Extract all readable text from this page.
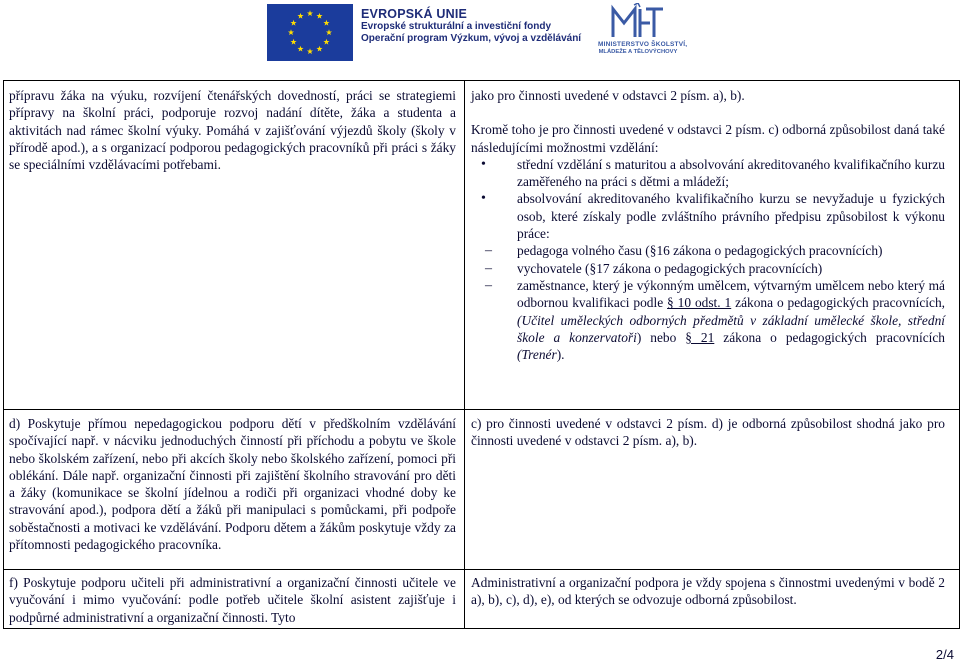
EVROPSKÁ UNIE
Evropské strukturální a investiční fondy
Operační program Výzkum, vývoj a vzdělávání
MINISTERSTVO ŠKOLSTVÍ,
MLÁDEŽE A TĚLOVÝCHOVY

přípravu žáka na výuku, rozvíjení čtenářských dovedností, práci se strategiemi přípravy na školní práci, podporuje rozvoj nadání dítěte, žáka a studenta a aktivitách nad rámec školní výuky. Pomáhá v zajišťování výjezdů školy (školy v přírodě apod.), a s organizací podporou pedagogických pracovníků při práci s žáky se speciálními vzdělávacími potřebami.

d) Poskytuje přímou nepedagogickou podporu dětí v předškolním vzdělávání spočívající např. v nácviku jednoduchých činností při příchodu a pobytu ve škole nebo školském zařízení, nebo při akcích školy nebo školského zařízení, pomoci při oblékání. Dále např. organizační činnosti při zajištění školního stravování pro děti a žáky (komunikace se školní jídelnou a rodiči při organizaci vhodné doby ke stravování apod.), podpora dětí a žáků při manipulaci s pomůckami, při podpoře soběstačnosti a motivaci ke vzdělávání. Podporu dětem a žákům poskytuje vždy za přítomnosti pedagogického pracovníka.

f) Poskytuje podporu učiteli při administrativní a organizační činnosti učitele ve vyučování i mimo vyučování: podle potřeb učitele školní asistent zajišťuje i podpůrné administrativní a organizační činnosti. Tyto

jako pro činnosti uvedené v odstavci 2 písm. a), b).

Kromě toho je pro činnosti uvedené v odstavci 2 písm. c) odborná způsobilost daná také následujícími možnostmi vzdělání:

• střední vzdělání s maturitou a absolvování akreditovaného kvalifikačního kurzu zaměřeného na práci s dětmi a mládeží;
• absolvování akreditovaného kvalifikačního kurzu se nevyžaduje u fyzických osob, které získaly podle zvláštního právního předpisu způsobilost k výkonu práce:
– pedagoga volného času (§16 zákona o pedagogických pracovnících)
– vychovatele (§17 zákona o pedagogických pracovnících)
– zaměstnance, který je výkonným umělcem, výtvarným umělcem nebo který má odbornou kvalifikaci podle § 10 odst. 1 zákona o pedagogických pracovnících, (Učitel uměleckých odborných předmětů v základní umělecké škole, střední škole a konzervatoři) nebo § 21 zákona o pedagogických pracovnících (Trenér).

c) pro činnosti uvedené v odstavci 2 písm. d) je odborná způsobilost shodná jako pro činnosti uvedené v odstavci 2 písm. a), b).

Administrativní a organizační podpora je vždy spojena s činnostmi uvedenými v bodě 2 a), b), c), d), e), od kterých se odvozuje odborná způsobilost.

2/4
